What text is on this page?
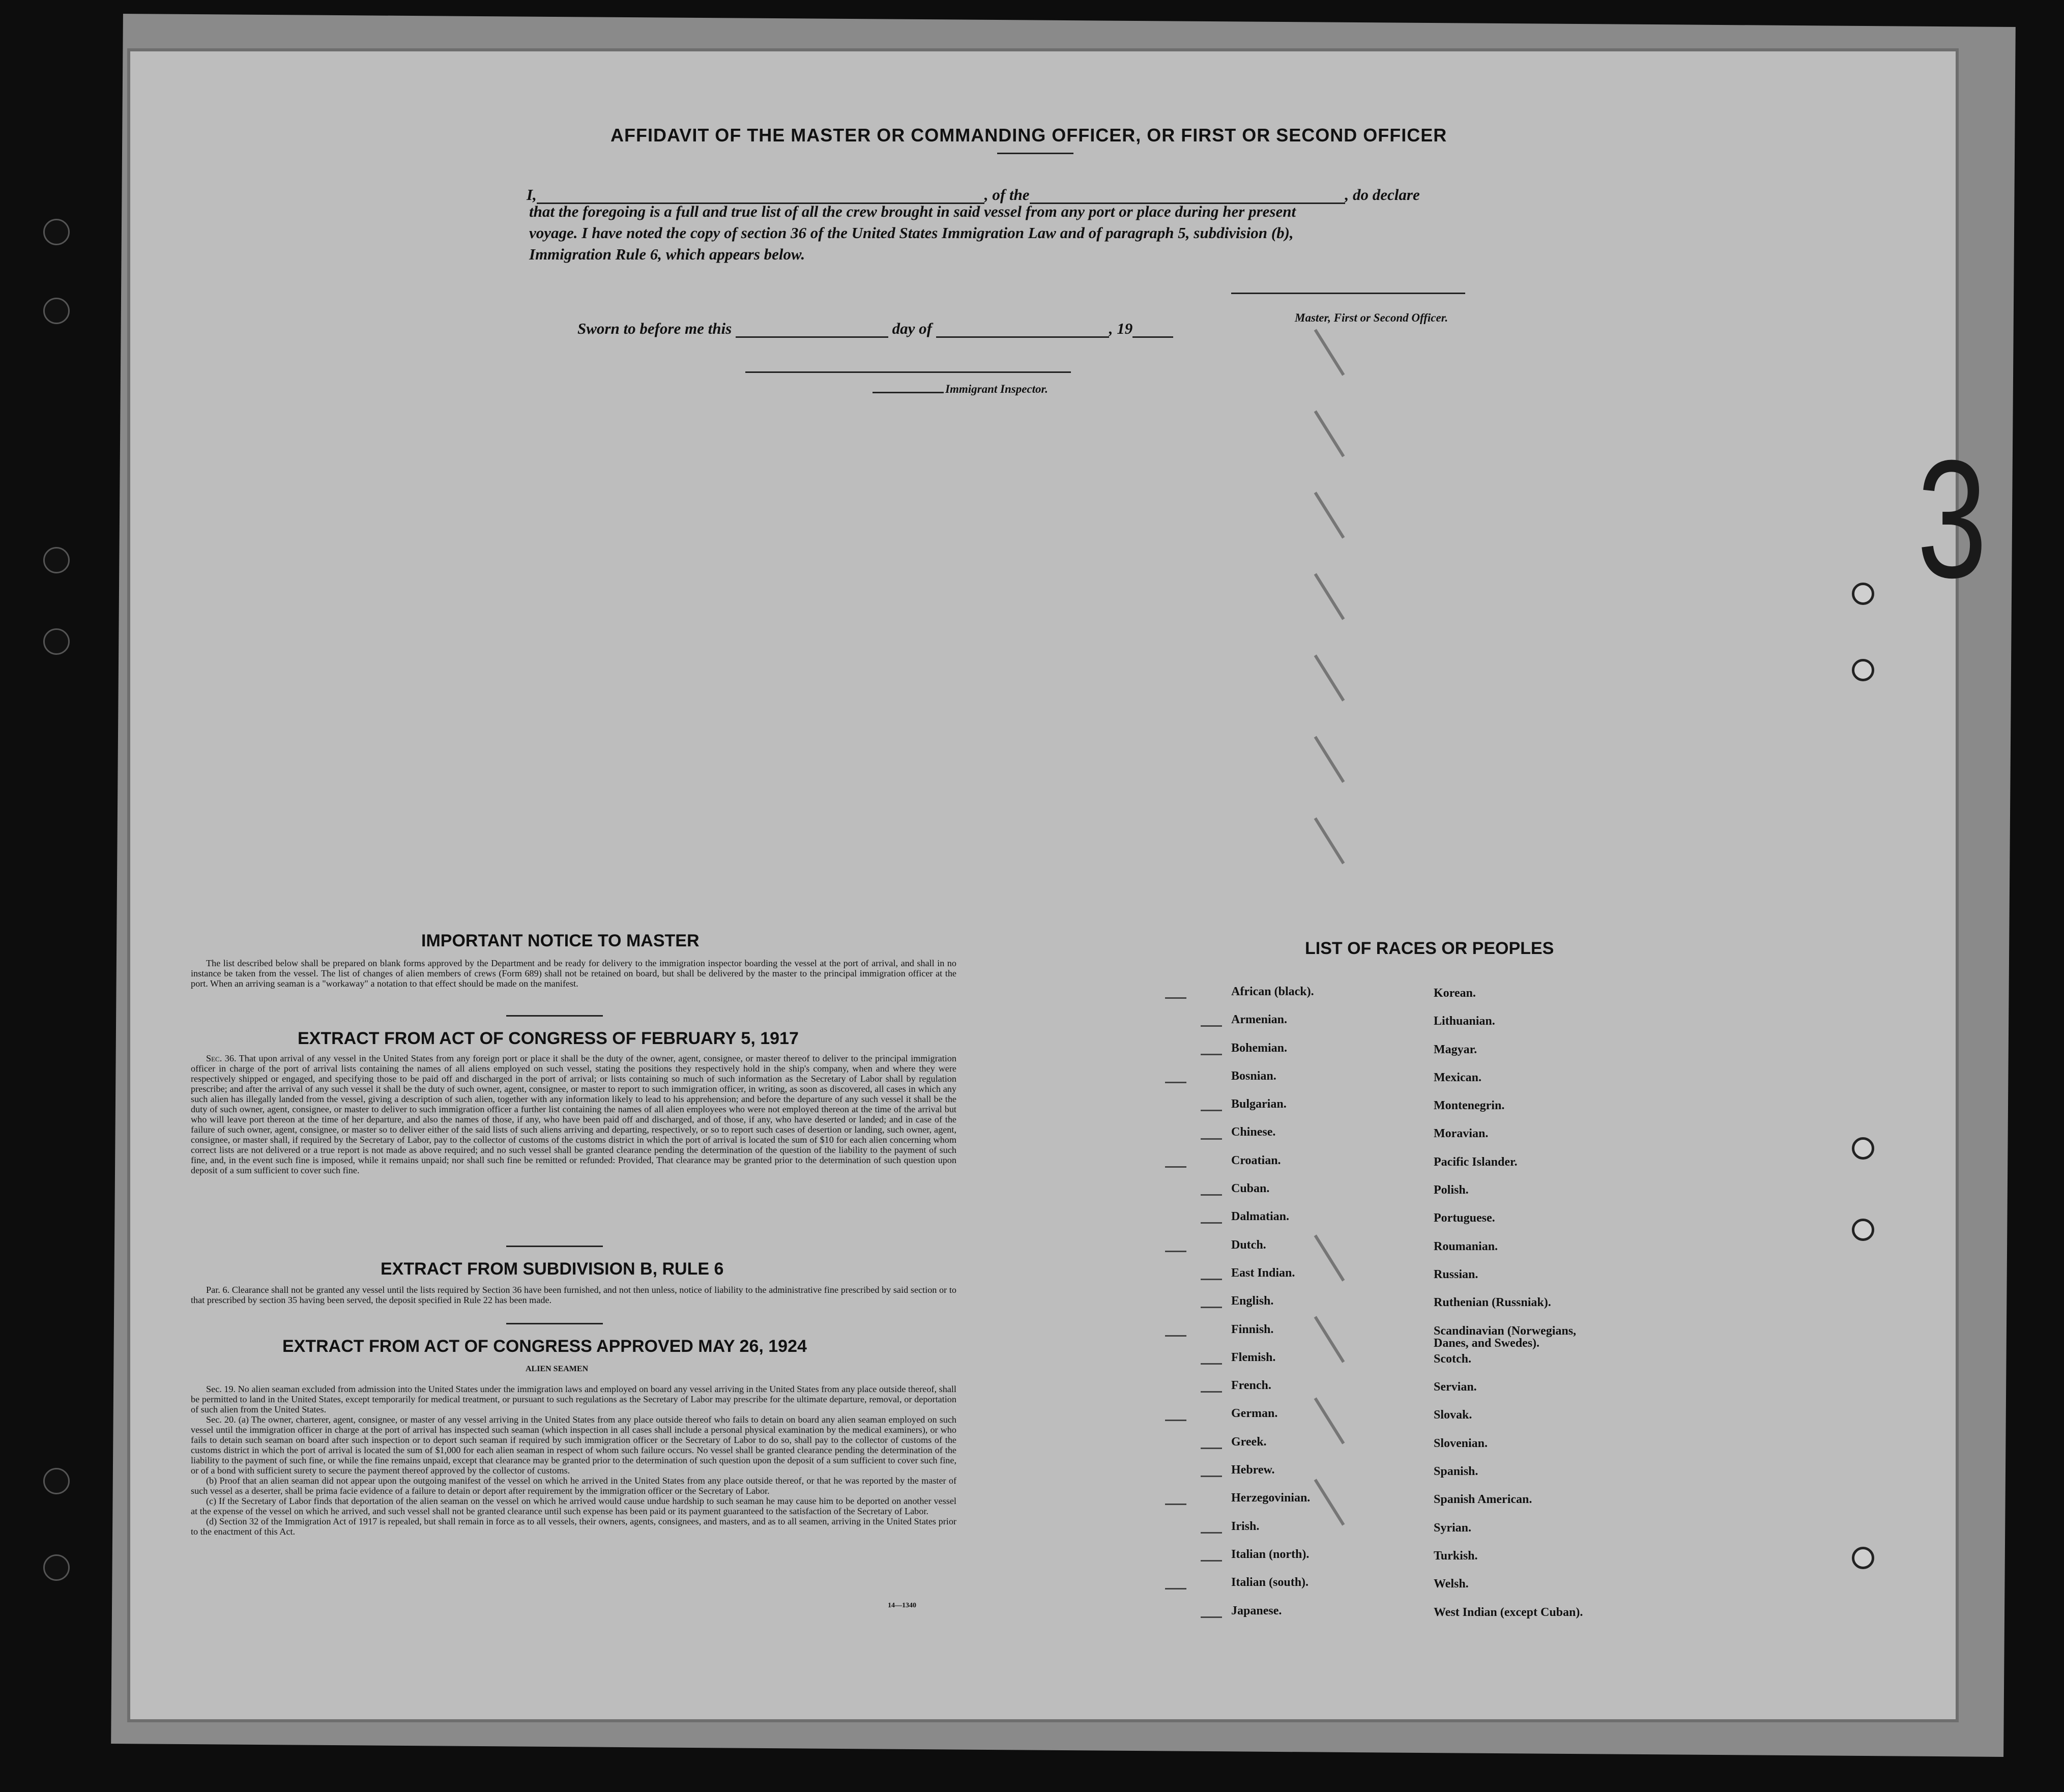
3
AFFIDAVIT OF THE MASTER OR COMMANDING OFFICER, OR FIRST OR SECOND OFFICER
I,	, of the	, do declare
that the foregoing is a full and true list of all the crew brought in said vessel from any port or place during her present
voyage. I have noted the copy of section 36 of the United States Immigration Law and of paragraph 5, subdivision (b),
Immigration Rule 6, which appears below.
Master, First or Second Officer.
Sworn to before me this	day of	, 19
Immigrant Inspector.
IMPORTANT NOTICE TO MASTER

The list described below shall be prepared on blank forms approved by the Department and be ready for delivery to the immigration inspector boarding the vessel at the port of arrival, and shall in no instance be taken from the vessel. The list of changes of alien members of crews (Form 689) shall not be retained on board, but shall be delivered by the master to the principal immigration officer at the port. When an arriving seaman is a "workaway" a notation to that effect should be made on the manifest.

EXTRACT FROM ACT OF CONGRESS OF FEBRUARY 5, 1917

Sec. 36. That upon arrival of any vessel in the United States from any foreign port or place it shall be the duty of the owner, agent, consignee, or master thereof to deliver to the principal immigration officer in charge of the port of arrival lists containing the names of all aliens employed on such vessel, stating the positions they respectively hold in the ship's company, when and where they were respectively shipped or engaged, and specifying those to be paid off and discharged in the port of arrival; or lists containing so much of such information as the Secretary of Labor shall by regulation prescribe; and after the arrival of any such vessel it shall be the duty of such owner, agent, consignee, or master to report to such immigration officer, in writing, as soon as discovered, all cases in which any such alien has illegally landed from the vessel, giving a description of such alien, together with any information likely to lead to his apprehension; and before the departure of any such vessel it shall be the duty of such owner, agent, consignee, or master to deliver to such immigration officer a further list containing the names of all alien employees who were not employed thereon at the time of the arrival but who will leave port thereon at the time of her departure, and also the names of those, if any, who have been paid off and discharged, and of those, if any, who have deserted or landed; and in case of the failure of such owner, agent, consignee, or master so to deliver either of the said lists of such aliens arriving and departing, respectively, or so to report such cases of desertion or landing, such owner, agent, consignee, or master shall, if required by the Secretary of Labor, pay to the collector of customs of the customs district in which the port of arrival is located the sum of $10 for each alien concerning whom correct lists are not delivered or a true report is not made as above required; and no such vessel shall be granted clearance pending the determination of the question of the liability to the payment of such fine, and, in the event such fine is imposed, while it remains unpaid; nor shall such fine be remitted or refunded: Provided, That clearance may be granted prior to the determination of such question upon deposit of a sum sufficient to cover such fine.

EXTRACT FROM SUBDIVISION B, RULE 6

Par. 6. Clearance shall not be granted any vessel until the lists required by Section 36 have been furnished, and not then unless, notice of liability to the administrative fine prescribed by said section or to that prescribed by section 35 having been served, the deposit specified in Rule 22 has been made.

EXTRACT FROM ACT OF CONGRESS APPROVED MAY 26, 1924
ALIEN SEAMEN

Sec. 19. No alien seaman excluded from admission into the United States under the immigration laws and employed on board any vessel arriving in the United States from any place outside thereof, shall be permitted to land in the United States, except temporarily for medical treatment, or pursuant to such regulations as the Secretary of Labor may prescribe for the ultimate departure, removal, or deportation of such alien from the United States.

Sec. 20. (a) The owner, charterer, agent, consignee, or master of any vessel arriving in the United States from any place outside thereof who fails to detain on board any alien seaman employed on such vessel until the immigration officer in charge at the port of arrival has inspected such seaman (which inspection in all cases shall include a personal physical examination by the medical examiners), or who fails to detain such seaman on board after such inspection or to deport such seaman if required by such immigration officer or the Secretary of Labor to do so, shall pay to the collector of customs of the customs district in which the port of arrival is located the sum of $1,000 for each alien seaman in respect of whom such failure occurs. No vessel shall be granted clearance pending the determination of the liability to the payment of such fine, or while the fine remains unpaid, except that clearance may be granted prior to the determination of such question upon the deposit of a sum sufficient to cover such fine, or of a bond with sufficient surety to secure the payment thereof approved by the collector of customs.

(b) Proof that an alien seaman did not appear upon the outgoing manifest of the vessel on which he arrived in the United States from any place outside thereof, or that he was reported by the master of such vessel as a deserter, shall be prima facie evidence of a failure to detain or deport after requirement by the immigration officer or the Secretary of Labor.

(c) If the Secretary of Labor finds that deportation of the alien seaman on the vessel on which he arrived would cause undue hardship to such seaman he may cause him to be deported on another vessel at the expense of the vessel on which he arrived, and such vessel shall not be granted clearance until such expense has been paid or its payment guaranteed to the satisfaction of the Secretary of Labor.

(d) Section 32 of the Immigration Act of 1917 is repealed, but shall remain in force as to all vessels, their owners, agents, consignees, and masters, and as to all seamen, arriving in the United States prior to the enactment of this Act.

14—1340
LIST OF RACES OR PEOPLES
African (black).
Armenian.
Bohemian.
Bosnian.
Bulgarian.
Chinese.
Croatian.
Cuban.
Dalmatian.
Dutch.
East Indian.
English.
Finnish.
Flemish.
French.
German.
Greek.
Hebrew.
Herzegovinian.
Irish.
Italian (north).
Italian (south).
Japanese.
Korean.
Lithuanian.
Magyar.
Mexican.
Montenegrin.
Moravian.
Pacific Islander.
Polish.
Portuguese.
Roumanian.
Russian.
Ruthenian (Russniak).
Scandinavian (Norwegians,
Danes, and Swedes).
Scotch.
Servian.
Slovak.
Slovenian.
Spanish.
Spanish American.
Syrian.
Turkish.
Welsh.
West Indian (except Cuban).
